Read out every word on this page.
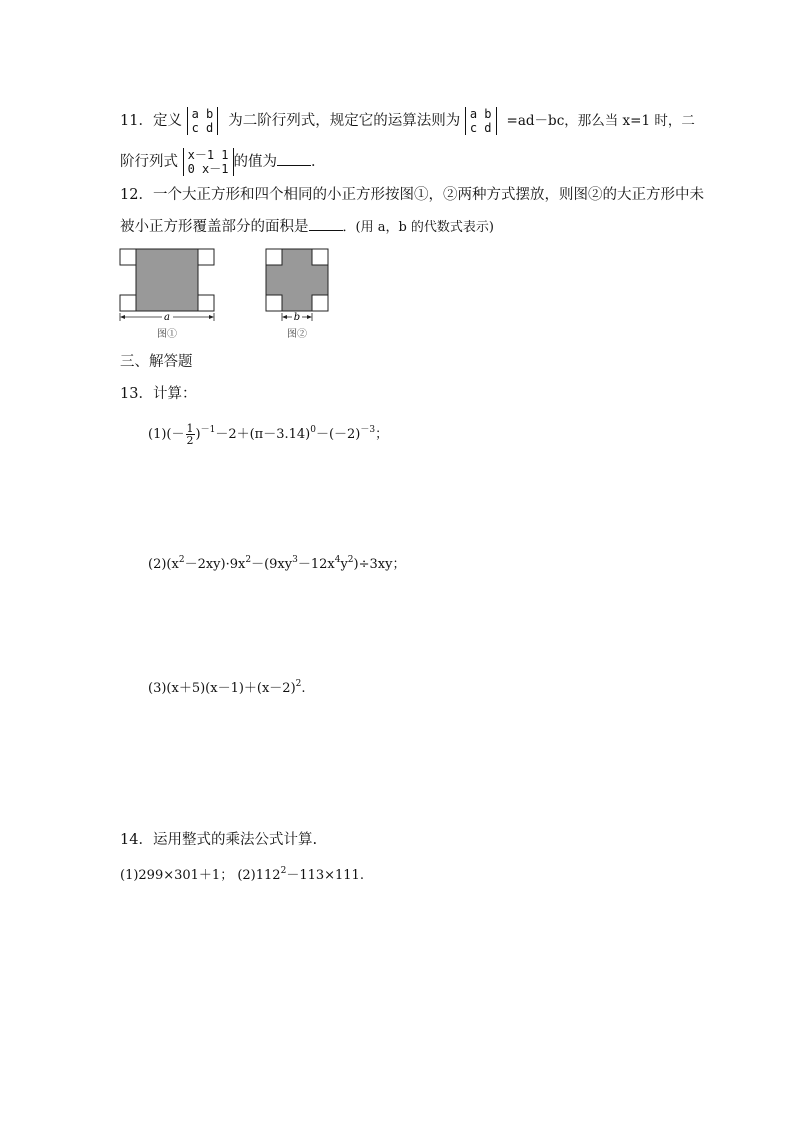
11．定义 a b
c d 为二阶行列式，规定它的运算法则为 a b
c d =ad－bc，那么当 x=1 时，二
阶行列式 x－1 1
0 x－1 的值为 ．
12．一个大正方形和四个相同的小正方形按图①，②两种方式摆放，则图②的大正方形中未
被小正方形覆盖部分的面积是	．(用 a，b 的代数式表示)
a
图①
b
图②
三、解答题
13．计算：
$(1)(- \frac{1}{2} )^{-1}-2+(\pi-3.14)^0-(-2)^{-3}$；
$(2)(x^2-2xy)\cdot 9x^2-(9xy^3-12x^4y^2)\div 3xy$；
$(3)(x+5)(x-1)+(x-2)^2$.
14．运用整式的乘法公式计算.
(1)299×301＋1； $(2)112^2-113\times 111$.
